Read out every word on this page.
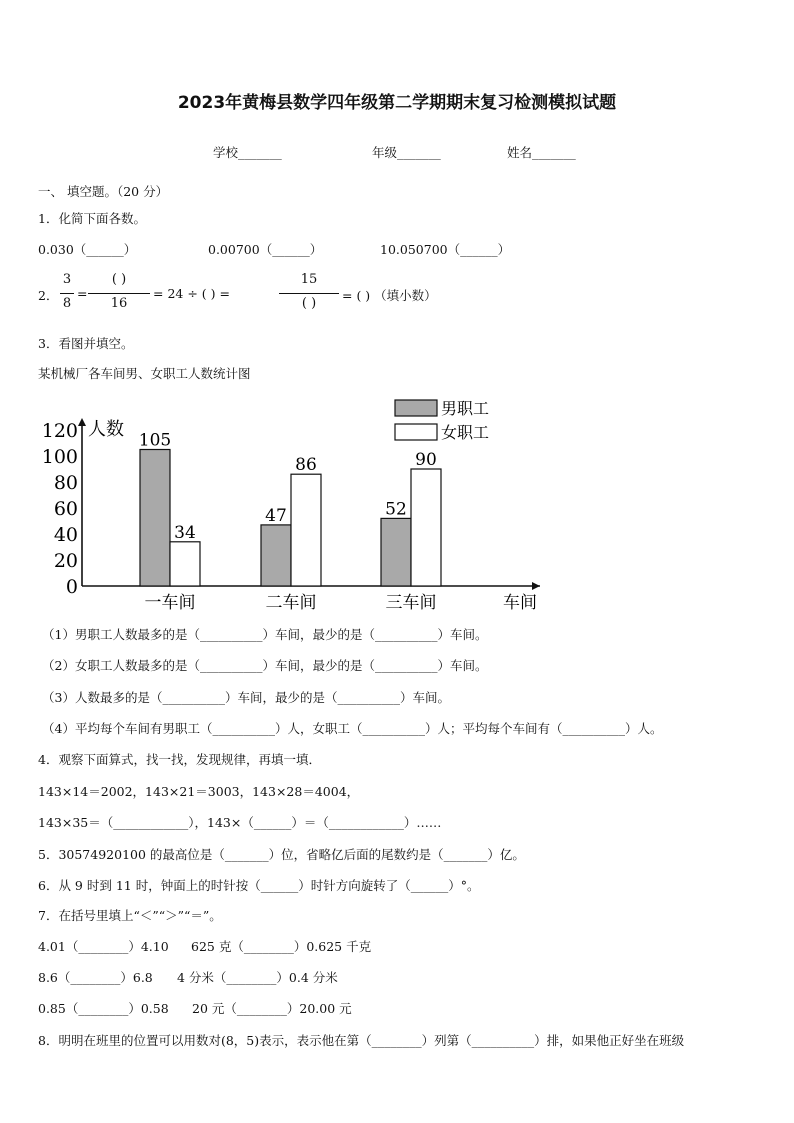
2023年黄梅县数学四年级第二学期期末复习检测模拟试题
学校_______	年级_______	姓名_______
一、 填空题。（20 分）
1．化简下面各数。
0.030（______）	0.00700（______）	10.050700（______）
2．
3
8
=
( )
16
= 24 ÷ ( ) =
15
( )
= ( ) （填小数）
3．看图并填空。
某机械厂各车间男、女职工人数统计图
0
20
40
60
80
100
120 人数
105
34
一车间
47
86
二车间
52
90
三车间	车间
男职工
女职工
（1）男职工人数最多的是（__________）车间，最少的是（__________）车间。
（2）女职工人数最多的是（__________）车间，最少的是（__________）车间。
（3）人数最多的是（__________）车间，最少的是（__________）车间。
（4）平均每个车间有男职工（__________）人，女职工（__________）人；平均每个车间有（__________）人。
4．观察下面算式，找一找，发现规律，再填一填．
143×14＝2002，143×21＝3003，143×28＝4004，
143×35＝（____________），143×（______）＝（____________）……
5．30574920100 的最高位是（_______）位，省略亿后面的尾数约是（_______）亿。
6．从 9 时到 11 时，钟面上的时针按（______）时针方向旋转了（______）°。
7．在括号里填上“＜”“＞”“＝”。
4.01（________）4.10 625 克（________）0.625 千克
8.6（________）6.8 4 分米（________）0.4 分米
0.85（________）0.58 20 元（________）20.00 元
8．明明在班里的位置可以用数对(8，5)表示，表示他在第（________）列第（__________）排，如果他正好坐在班级
